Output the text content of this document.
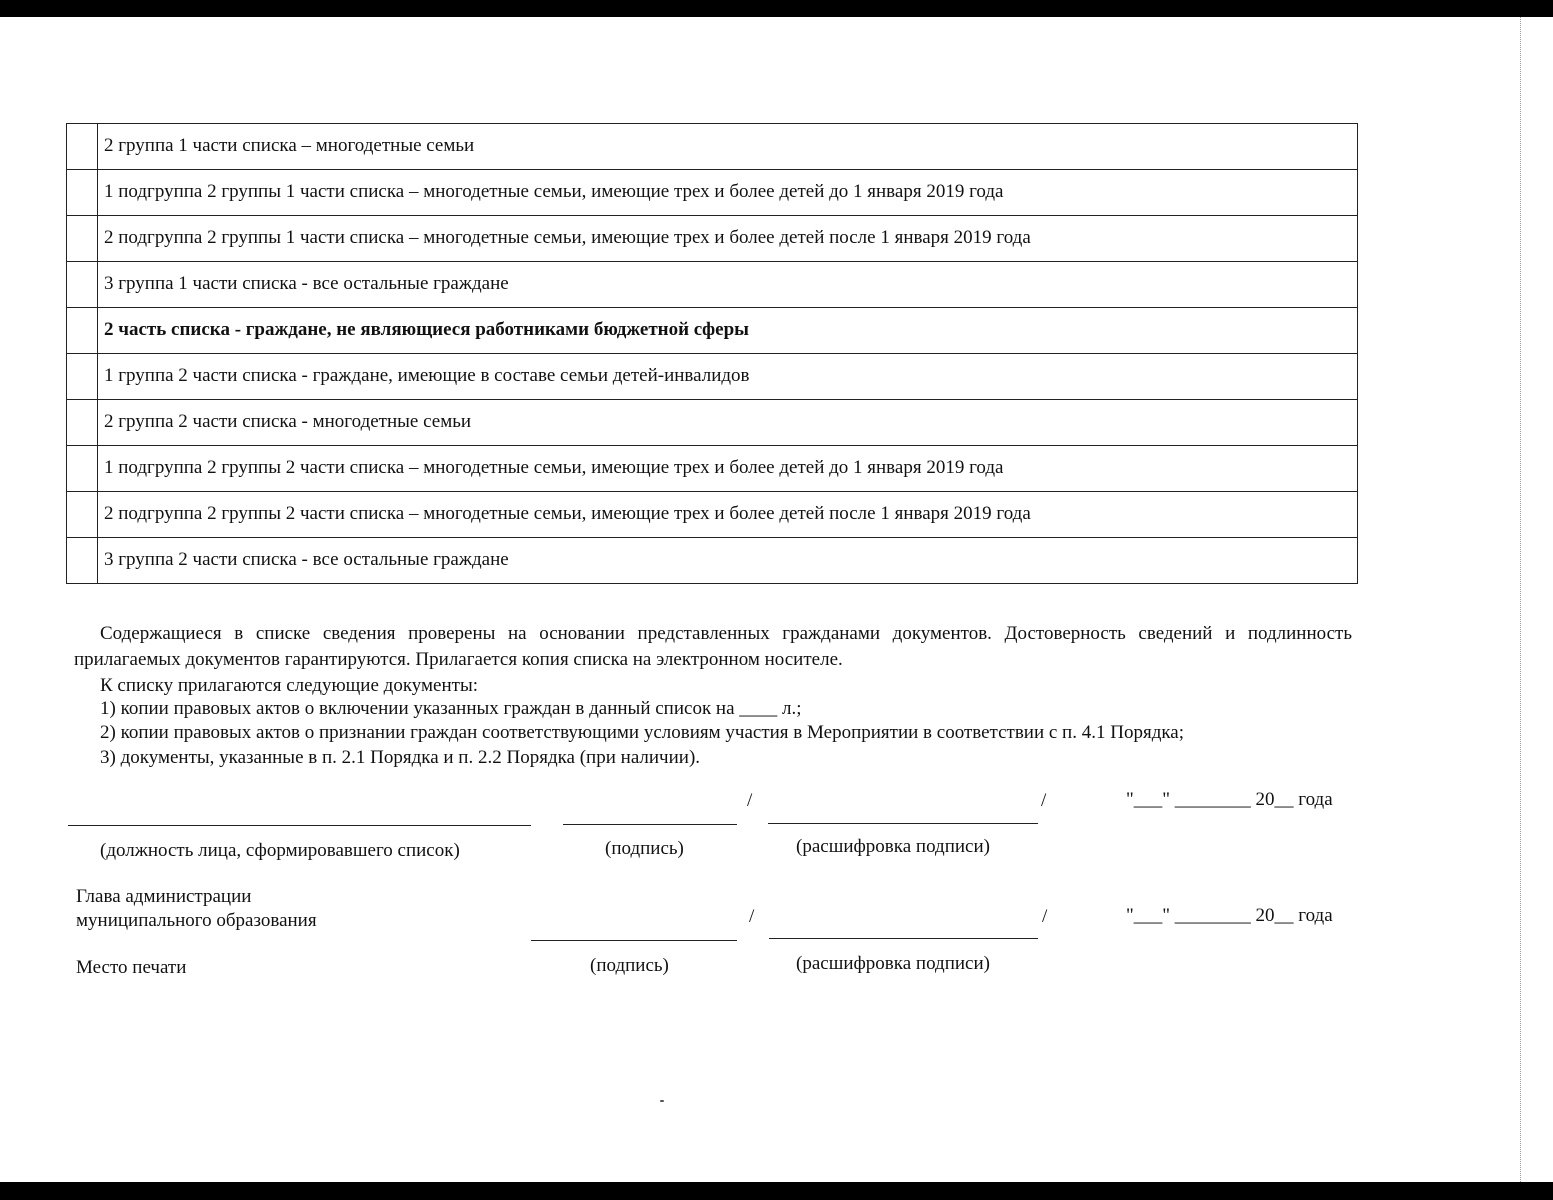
	2 группа 1 части списка – многодетные семьи
	1 подгруппа 2 группы 1 части списка – многодетные семьи, имеющие трех и более детей до 1 января 2019 года
	2 подгруппа 2 группы 1 части списка – многодетные семьи, имеющие трех и более детей после 1 января 2019 года
	3 группа 1 части списка - все остальные граждане
	2 часть списка - граждане, не являющиеся работниками бюджетной сферы
	1 группа 2 части списка - граждане, имеющие в составе семьи детей-инвалидов
	2 группа 2 части списка - многодетные семьи
	1 подгруппа 2 группы 2 части списка – многодетные семьи, имеющие трех и более детей до 1 января 2019 года
	2 подгруппа 2 группы 2 части списка – многодетные семьи, имеющие трех и более детей после 1 января 2019 года
	3 группа 2 части списка - все остальные граждане
Содержащиеся в списке сведения проверены на основании представленных гражданами документов. Достоверность сведений и подлинность прилагаемых документов гарантируются. Прилагается копия списка на электронном носителе.
К списку прилагаются следующие документы:
1) копии правовых актов о включении указанных граждан в данный список на ____ л.;
2) копии правовых актов о признании граждан соответствующими условиям участия в Мероприятии в соответствии с п. 4.1 Порядка;
3) документы, указанные в п. 2.1 Порядка и п. 2.2 Порядка (при наличии).
/	/	"___" ________ 20__ года
(должность лица, сформировавшего список)	(подпись)	(расшифровка подписи)
Глава администрации
муниципального образования	/	/	"___" ________ 20__ года
Место печати	(подпись)	(расшифровка подписи)
